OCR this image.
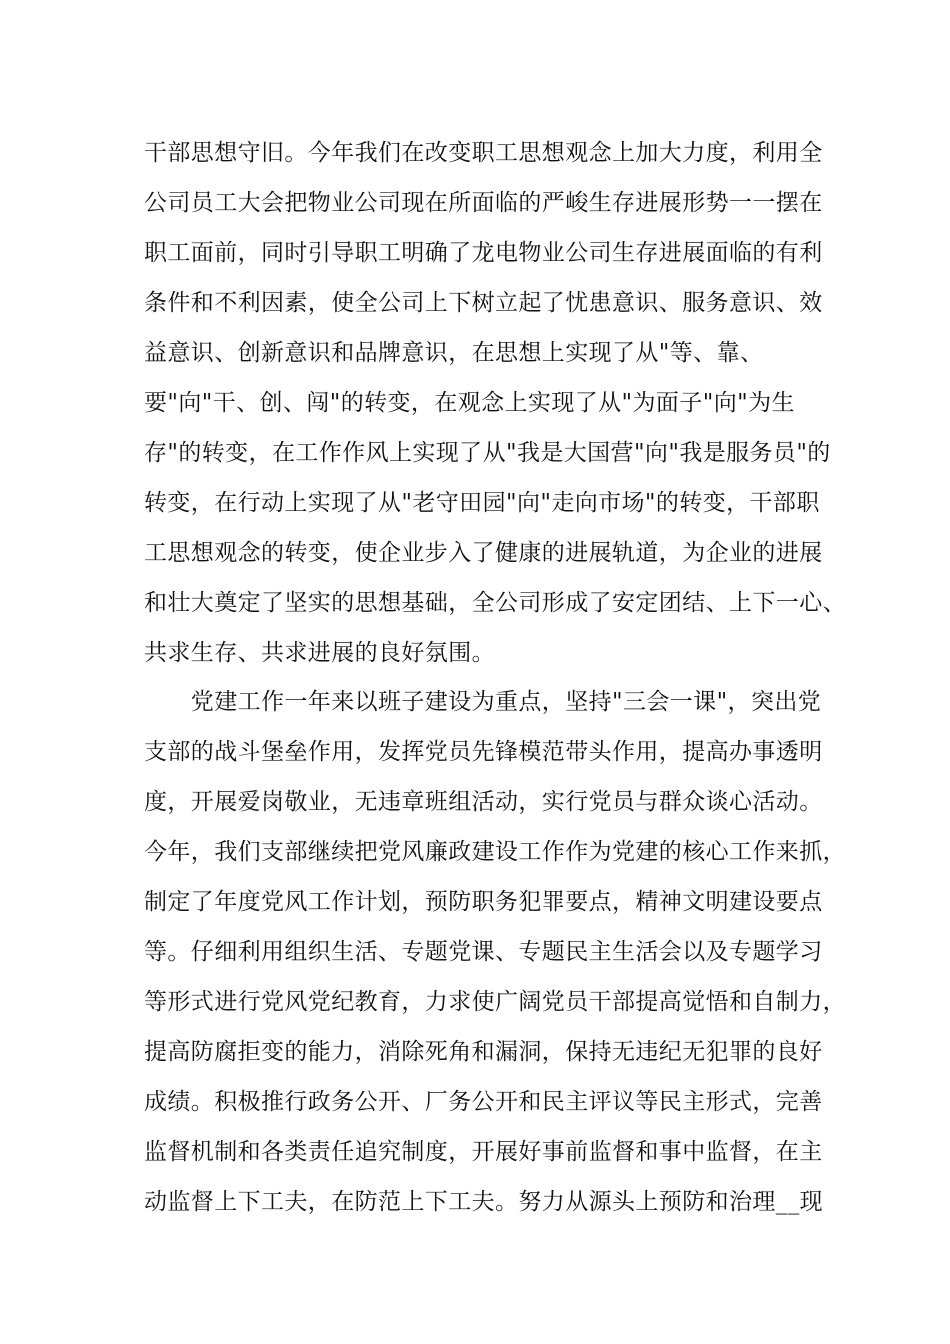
干部思想守旧。今年我们在改变职工思想观念上加大力度，利用全
公司员工大会把物业公司现在所面临的严峻生存进展形势一一摆在
职工面前，同时引导职工明确了龙电物业公司生存进展面临的有利
条件和不利因素，使全公司上下树立起了忧患意识、服务意识、效
益意识、创新意识和品牌意识，在思想上实现了从"等、靠、
要"向"干、创、闯"的转变，在观念上实现了从"为面子"向"为生
存"的转变，在工作作风上实现了从"我是大国营"向"我是服务员"的
转变，在行动上实现了从"老守田园"向"走向市场"的转变，干部职
工思想观念的转变，使企业步入了健康的进展轨道，为企业的进展
和壮大奠定了坚实的思想基础，全公司形成了安定团结、上下一心、
共求生存、共求进展的良好氛围。
　　党建工作一年来以班子建设为重点，坚持"三会一课"，突出党
支部的战斗堡垒作用，发挥党员先锋模范带头作用，提高办事透明
度，开展爱岗敬业，无违章班组活动，实行党员与群众谈心活动。
今年，我们支部继续把党风廉政建设工作作为党建的核心工作来抓，
制定了年度党风工作计划，预防职务犯罪要点，精神文明建设要点
等。仔细利用组织生活、专题党课、专题民主生活会以及专题学习
等形式进行党风党纪教育，力求使广阔党员干部提高觉悟和自制力，
提高防腐拒变的能力，消除死角和漏洞，保持无违纪无犯罪的良好
成绩。积极推行政务公开、厂务公开和民主评议等民主形式，完善
监督机制和各类责任追究制度，开展好事前监督和事中监督，在主
动监督上下工夫，在防范上下工夫。努力从源头上预防和治理__现
